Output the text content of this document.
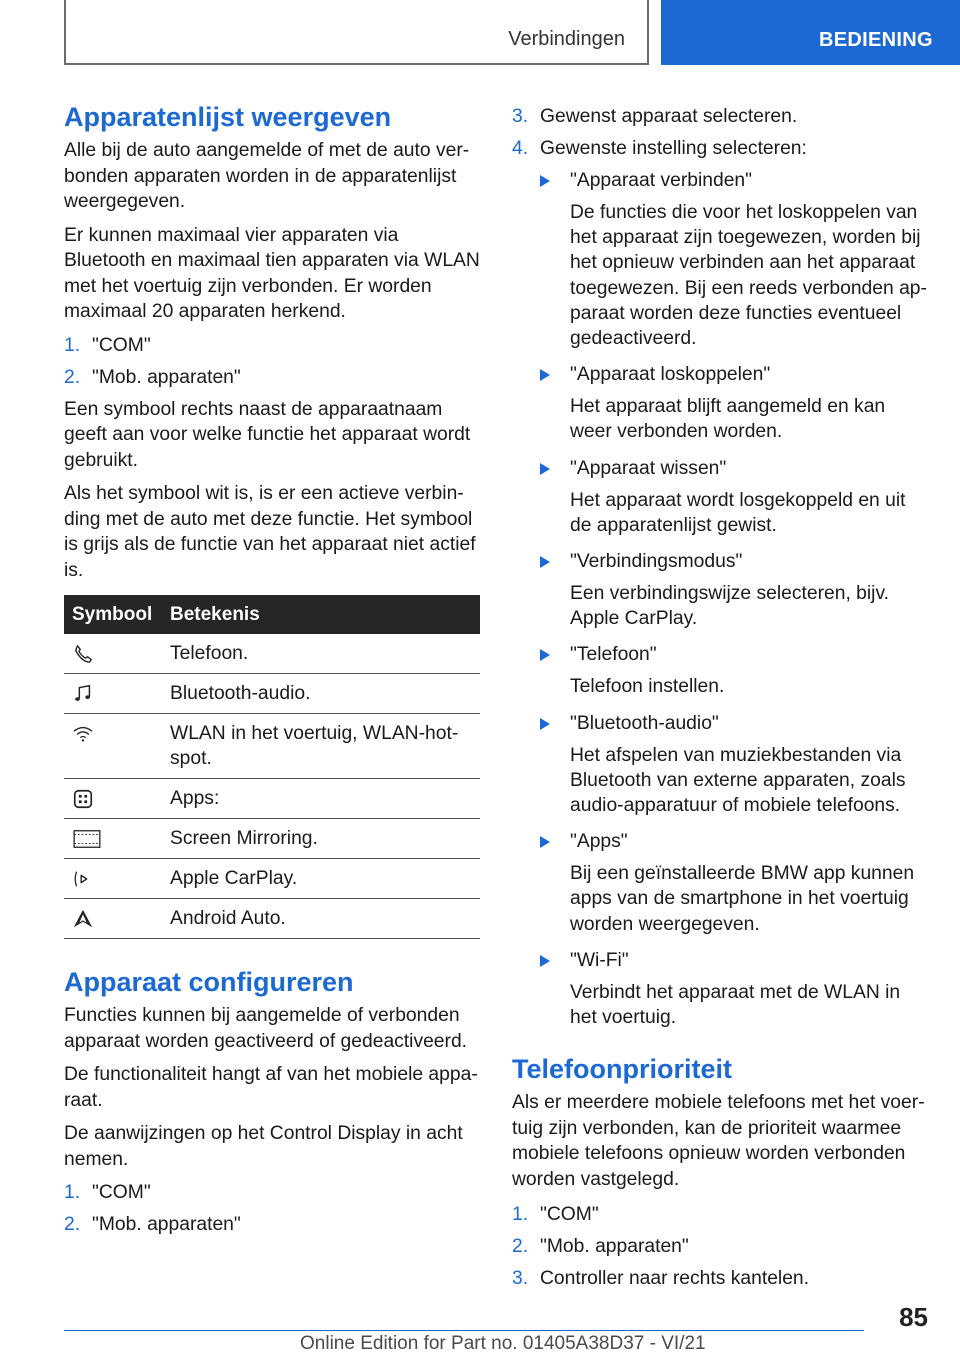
Verbindingen	BEDIENING
Apparatenlijst weergeven

Alle bij de auto aangemelde of met de auto verbonden apparaten worden in de apparatenlijst weergegeven.

Er kunnen maximaal vier apparaten via Bluetooth en maximaal tien apparaten via WLAN met het voertuig zijn verbonden. Er worden maximaal 20 apparaten herkend.

1. "COM"
2. "Mob. apparaten"

Een symbool rechts naast de apparaatnaam geeft aan voor welke functie het apparaat wordt gebruikt.

Als het symbool wit is, is er een actieve verbinding met de auto met deze functie. Het symbool is grijs als de functie van het apparaat niet actief is.

Symbool	Betekenis

	Telefoon.

	Bluetooth-audio.

	WLAN in het voertuig, WLAN-hotspot.

	Apps:

	Screen Mirroring.

	Apple CarPlay.

	Android Auto.
Apparaat configureren

Functies kunnen bij aangemelde of verbonden apparaat worden geactiveerd of gedeactiveerd.

De functionaliteit hangt af van het mobiele apparaat.

De aanwijzingen op het Control Display in acht nemen.

1. "COM"
2. "Mob. apparaten"
3. Gewenst apparaat selecteren.
4. Gewenste instelling selecteren:
"Apparaat verbinden"
De functies die voor het loskoppelen van het apparaat zijn toegewezen, worden bij het opnieuw verbinden aan het apparaat toegewezen. Bij een reeds verbonden apparaat worden deze functies eventueel gedeactiveerd.
"Apparaat loskoppelen"
Het apparaat blijft aangemeld en kan weer verbonden worden.
"Apparaat wissen"
Het apparaat wordt losgekoppeld en uit de apparatenlijst gewist.
"Verbindingsmodus"
Een verbindingswijze selecteren, bijv. Apple CarPlay.
"Telefoon"
Telefoon instellen.
"Bluetooth-audio"
Het afspelen van muziekbestanden via Bluetooth van externe apparaten, zoals audio-apparatuur of mobiele telefoons.
"Apps"
Bij een geïnstalleerde BMW app kunnen apps van de smartphone in het voertuig worden weergegeven.
"Wi-Fi"
Verbindt het apparaat met de WLAN in het voertuig.
Telefoonprioriteit

Als er meerdere mobiele telefoons met het voertuig zijn verbonden, kan de prioriteit waarmee mobiele telefoons opnieuw worden verbonden worden vastgelegd.

1. "COM"
2. "Mob. apparaten"
3. Controller naar rechts kantelen.
85
Online Edition for Part no. 01405A38D37 - VI/21
